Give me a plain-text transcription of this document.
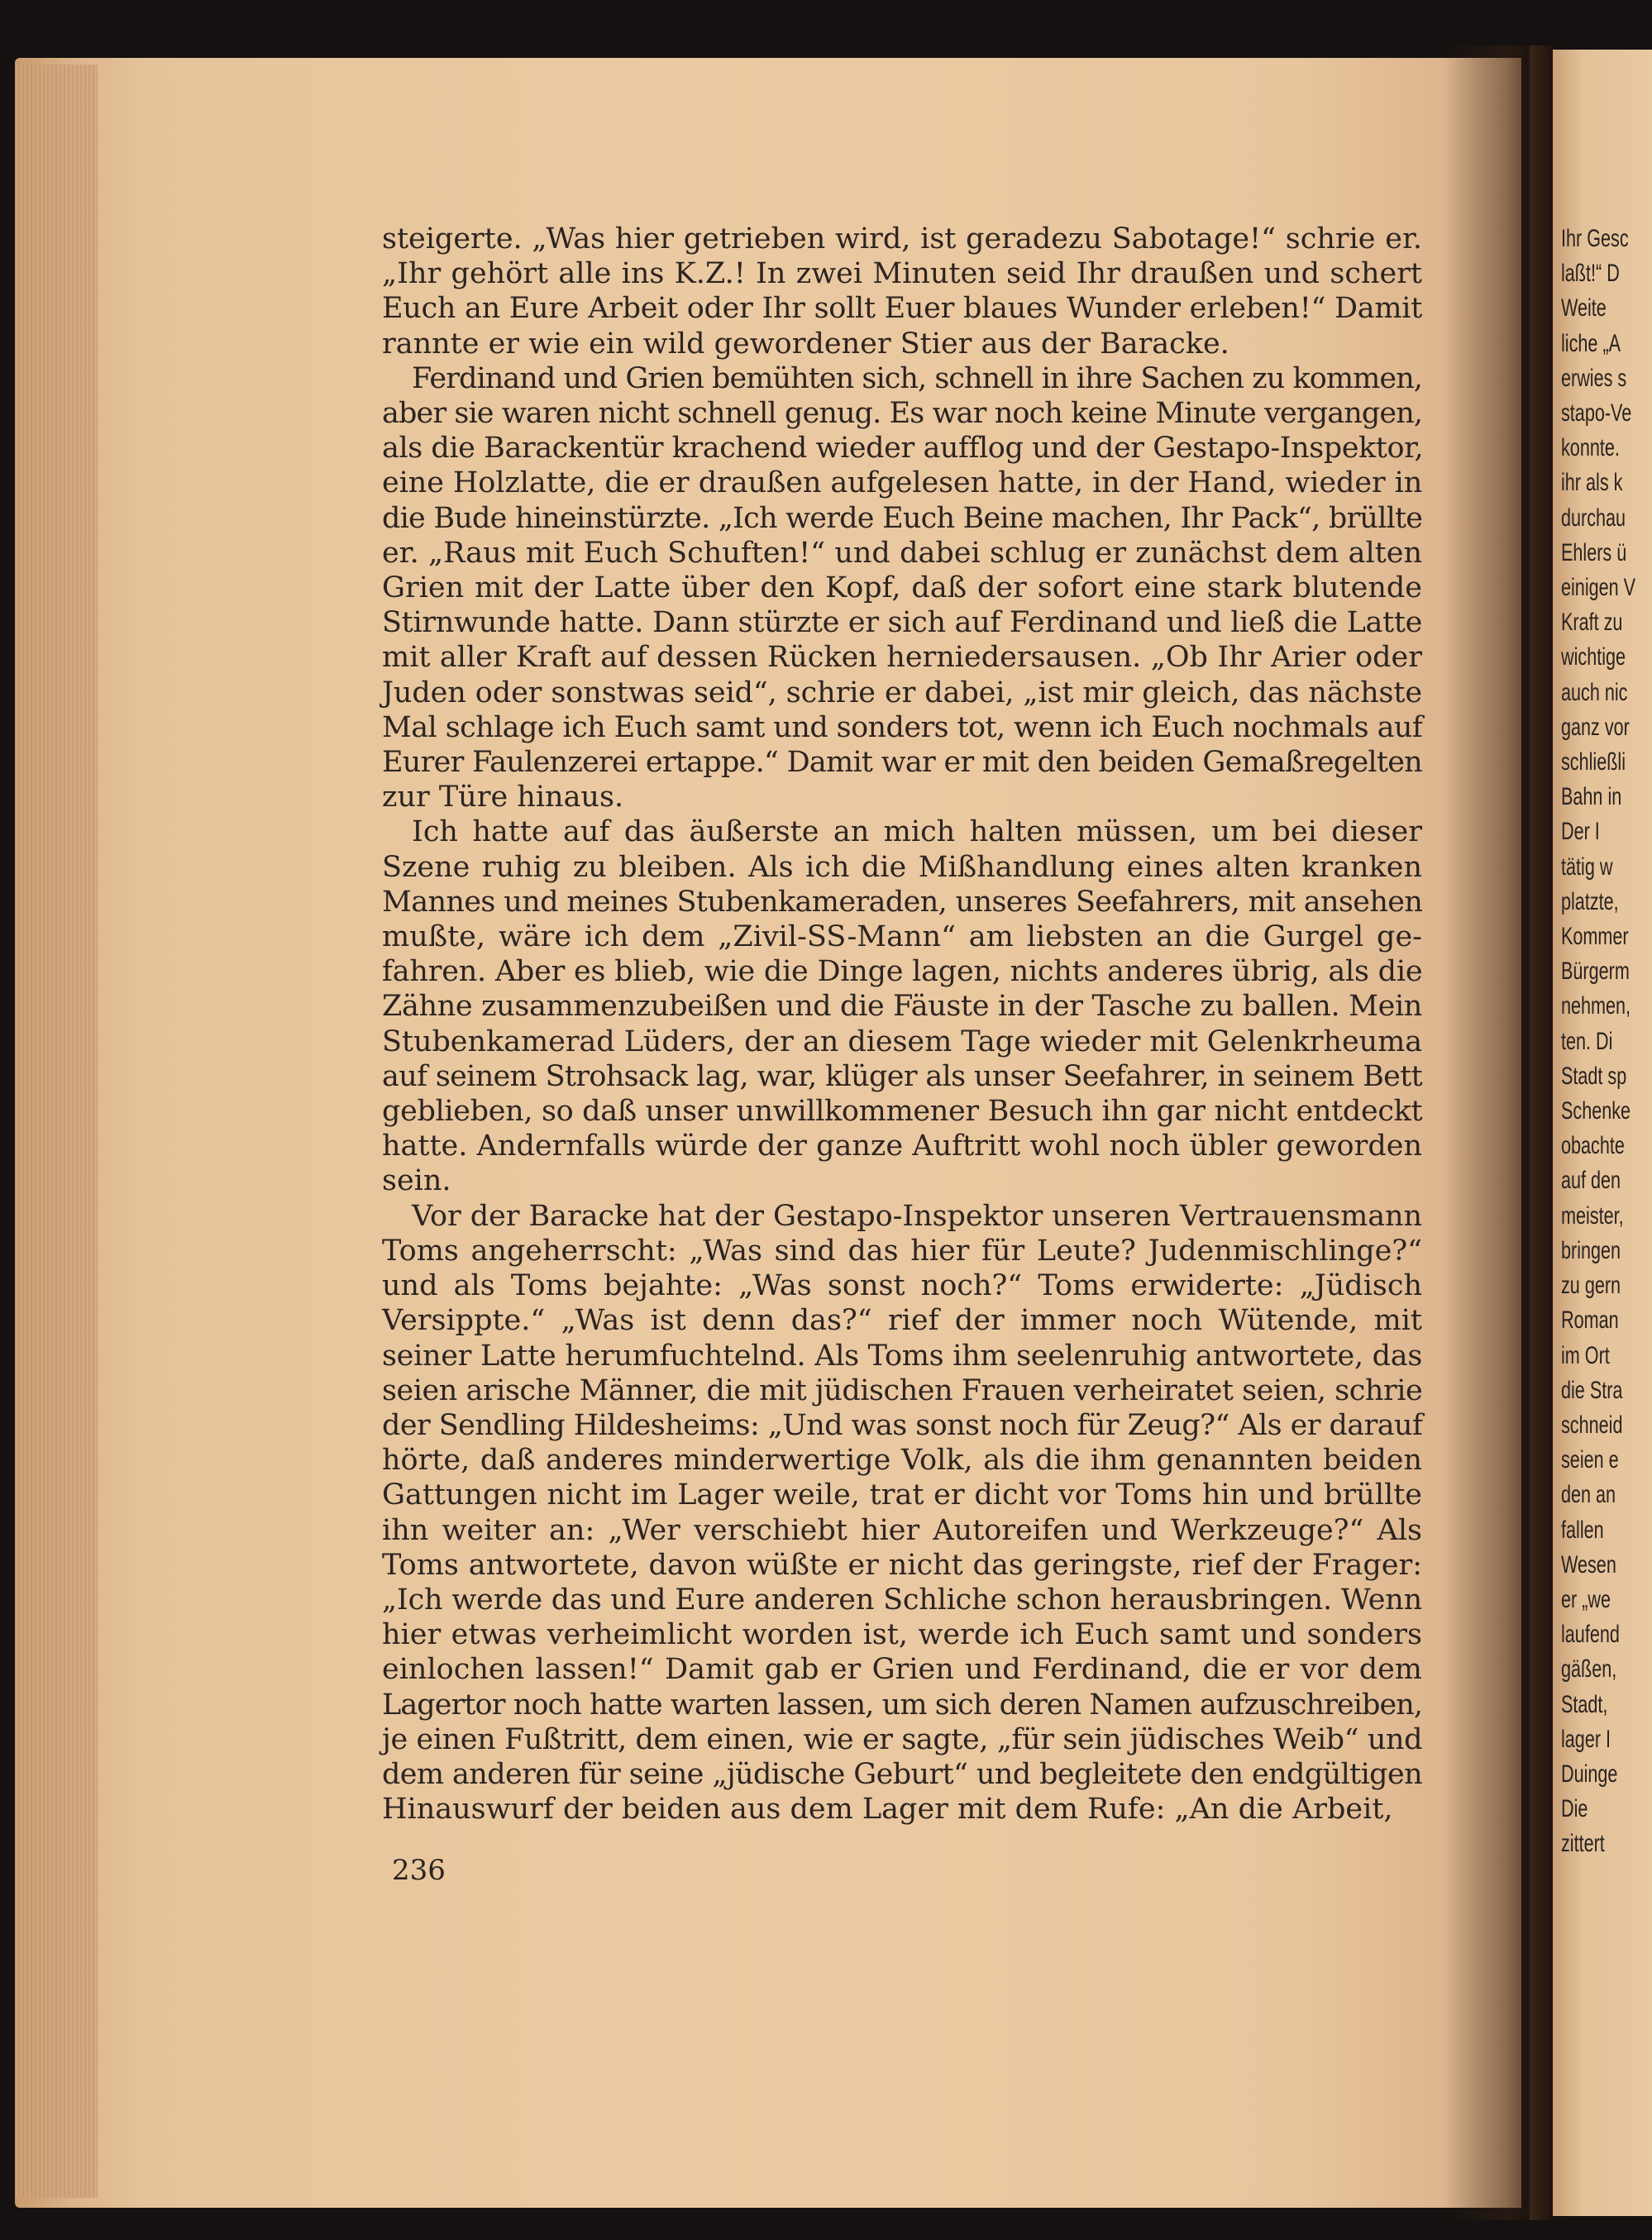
steigerte. „Was hier getrieben wird, ist geradezu Sabotage!“ schrie er.
„Ihr gehört alle ins K.Z.! In zwei Minuten seid Ihr draußen und schert
Euch an Eure Arbeit oder Ihr sollt Euer blaues Wunder erleben!“ Damit
rannte er wie ein wild gewordener Stier aus der Baracke.
Ferdinand und Grien bemühten sich, schnell in ihre Sachen zu kommen,
aber sie waren nicht schnell genug. Es war noch keine Minute vergangen,
als die Barackentür krachend wieder aufflog und der Gestapo-Inspektor,
eine Holzlatte, die er draußen aufgelesen hatte, in der Hand, wieder in
die Bude hineinstürzte. „Ich werde Euch Beine machen, Ihr Pack“, brüllte
er. „Raus mit Euch Schuften!“ und dabei schlug er zunächst dem alten
Grien mit der Latte über den Kopf, daß der sofort eine stark blutende
Stirnwunde hatte. Dann stürzte er sich auf Ferdinand und ließ die Latte
mit aller Kraft auf dessen Rücken herniedersausen. „Ob Ihr Arier oder
Juden oder sonstwas seid“, schrie er dabei, „ist mir gleich, das nächste
Mal schlage ich Euch samt und sonders tot, wenn ich Euch nochmals auf
Eurer Faulenzerei ertappe.“ Damit war er mit den beiden Gemaßregelten
zur Türe hinaus.
Ich hatte auf das äußerste an mich halten müssen, um bei dieser
Szene ruhig zu bleiben. Als ich die Mißhandlung eines alten kranken
Mannes und meines Stubenkameraden, unseres Seefahrers, mit ansehen
mußte, wäre ich dem „Zivil-SS-Mann“ am liebsten an die Gurgel ge-
fahren. Aber es blieb, wie die Dinge lagen, nichts anderes übrig, als die
Zähne zusammenzubeißen und die Fäuste in der Tasche zu ballen. Mein
Stubenkamerad Lüders, der an diesem Tage wieder mit Gelenkrheuma
auf seinem Strohsack lag, war, klüger als unser Seefahrer, in seinem Bett
geblieben, so daß unser unwillkommener Besuch ihn gar nicht entdeckt
hatte. Andernfalls würde der ganze Auftritt wohl noch übler geworden
sein.
Vor der Baracke hat der Gestapo-Inspektor unseren Vertrauensmann
Toms angeherrscht: „Was sind das hier für Leute? Judenmischlinge?“
und als Toms bejahte: „Was sonst noch?“ Toms erwiderte: „Jüdisch
Versippte.“ „Was ist denn das?“ rief der immer noch Wütende, mit
seiner Latte herumfuchtelnd. Als Toms ihm seelenruhig antwortete, das
seien arische Männer, die mit jüdischen Frauen verheiratet seien, schrie
der Sendling Hildesheims: „Und was sonst noch für Zeug?“ Als er darauf
hörte, daß anderes minderwertige Volk, als die ihm genannten beiden
Gattungen nicht im Lager weile, trat er dicht vor Toms hin und brüllte
ihn weiter an: „Wer verschiebt hier Autoreifen und Werkzeuge?“ Als
Toms antwortete, davon wüßte er nicht das geringste, rief der Frager:
„Ich werde das und Eure anderen Schliche schon herausbringen. Wenn
hier etwas verheimlicht worden ist, werde ich Euch samt und sonders
einlochen lassen!“ Damit gab er Grien und Ferdinand, die er vor dem
Lagertor noch hatte warten lassen, um sich deren Namen aufzuschreiben,
je einen Fußtritt, dem einen, wie er sagte, „für sein jüdisches Weib“ und
dem anderen für seine „jüdische Geburt“ und begleitete den endgültigen
Hinauswurf der beiden aus dem Lager mit dem Rufe: „An die Arbeit,
236
Ihr Gesc
laßt!“ D
Weite
liche „A
erwies s
stapo-Ve
konnte.
ihr als k
durchau
Ehlers ü
einigen V
Kraft zu
wichtige
auch nic
ganz vor
schließli
Bahn in
Der I
tätig w
platzte,
Kommer
Bürgerm
nehmen,
ten. Di
Stadt sp
Schenke
obachte
auf den
meister,
bringen
zu gern
Roman
im Ort
die Stra
schneid
seien e
den an
fallen
Wesen
er „we
laufend
gäßen,
Stadt,
lager I
Duinge
Die
zittert
